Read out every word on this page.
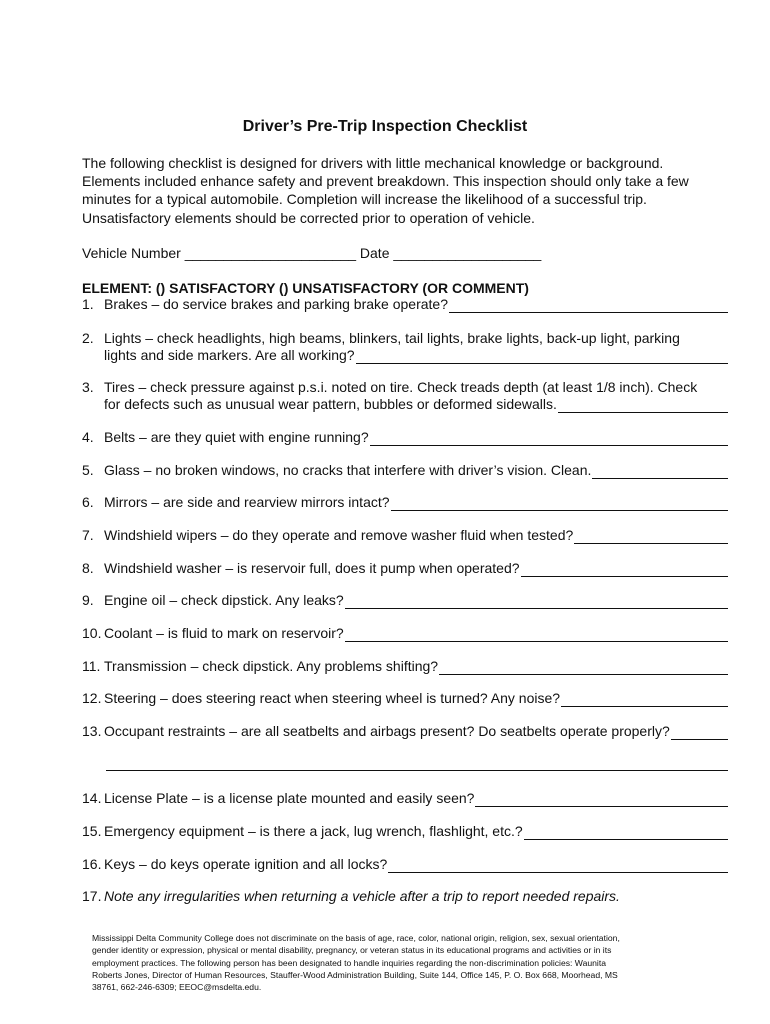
Driver’s Pre-Trip Inspection Checklist
The following checklist is designed for drivers with little mechanical knowledge or background.
Elements included enhance safety and prevent breakdown. This inspection should only take a few
minutes for a typical automobile. Completion will increase the likelihood of a successful trip.
Unsatisfactory elements should be corrected prior to operation of vehicle.
Vehicle Number ______________________ Date ___________________
ELEMENT: () SATISFACTORY () UNSATISFACTORY (OR COMMENT)
1. Brakes – do service brakes and parking brake operate?
2. Lights – check headlights, high beams, blinkers, tail lights, brake lights, back-up light, parking
lights and side markers. Are all working?
3. Tires – check pressure against p.s.i. noted on tire. Check treads depth (at least 1/8 inch). Check
for defects such as unusual wear pattern, bubbles or deformed sidewalls.
4. Belts – are they quiet with engine running?
5. Glass – no broken windows, no cracks that interfere with driver’s vision. Clean.
6. Mirrors – are side and rearview mirrors intact?
7. Windshield wipers – do they operate and remove washer fluid when tested?
8. Windshield washer – is reservoir full, does it pump when operated?
9. Engine oil – check dipstick. Any leaks?
10. Coolant – is fluid to mark on reservoir?
11. Transmission – check dipstick. Any problems shifting?
12. Steering – does steering react when steering wheel is turned? Any noise?
13. Occupant restraints – are all seatbelts and airbags present? Do seatbelts operate properly?
14. License Plate – is a license plate mounted and easily seen?
15. Emergency equipment – is there a jack, lug wrench, flashlight, etc.?
16. Keys – do keys operate ignition and all locks?
17. Note any irregularities when returning a vehicle after a trip to report needed repairs.
Mississippi Delta Community College does not discriminate on the basis of age, race, color, national origin, religion, sex, sexual orientation,
gender identity or expression, physical or mental disability, pregnancy, or veteran status in its educational programs and activities or in its
employment practices. The following person has been designated to handle inquiries regarding the non-discrimination policies: Waunita
Roberts Jones, Director of Human Resources, Stauffer-Wood Administration Building, Suite 144, Office 145, P. O. Box 668, Moorhead, MS
38761, 662-246-6309; EEOC@msdelta.edu.
